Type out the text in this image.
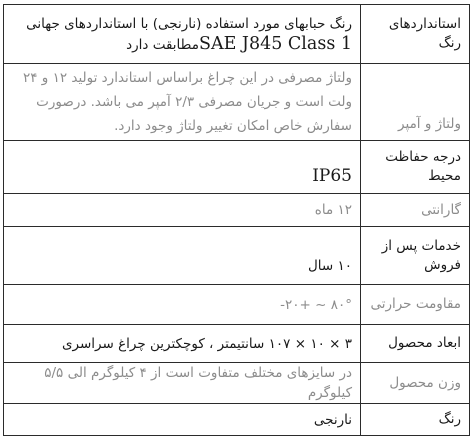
استانداردهای رنگ	رنگ حبابهای مورد استفاده (نارنجی) با استانداردهای جهانی
SAE J845 Class 1مطابقت دارد

ولتاژ و آمپر	ولتاژ مصرفی در این چراغ براساس استاندارد تولید ۱۲ و ۲۴ ولت است و جریان مصرفی ۲/۳ آمپر می باشد. درصورت سفارش خاص امکان تغییر ولتاژ وجود دارد.
درجه حفاظت محیط	IP65
گارانتی	۱۲ ماه
خدمات پس از فروش	۱۰ سال
مقاومت حرارتی	-۲۰+ ~ ۸۰°
ابعاد محصول	۳ × ۱۰ × ۱۰۷ سانتیمتر ، کوچکترین چراغ سراسری
وزن محصول	در سایزهای مختلف متفاوت است از ۴ کیلوگرم الی ۵/۵ کیلوگرم
رنگ	نارنجی
